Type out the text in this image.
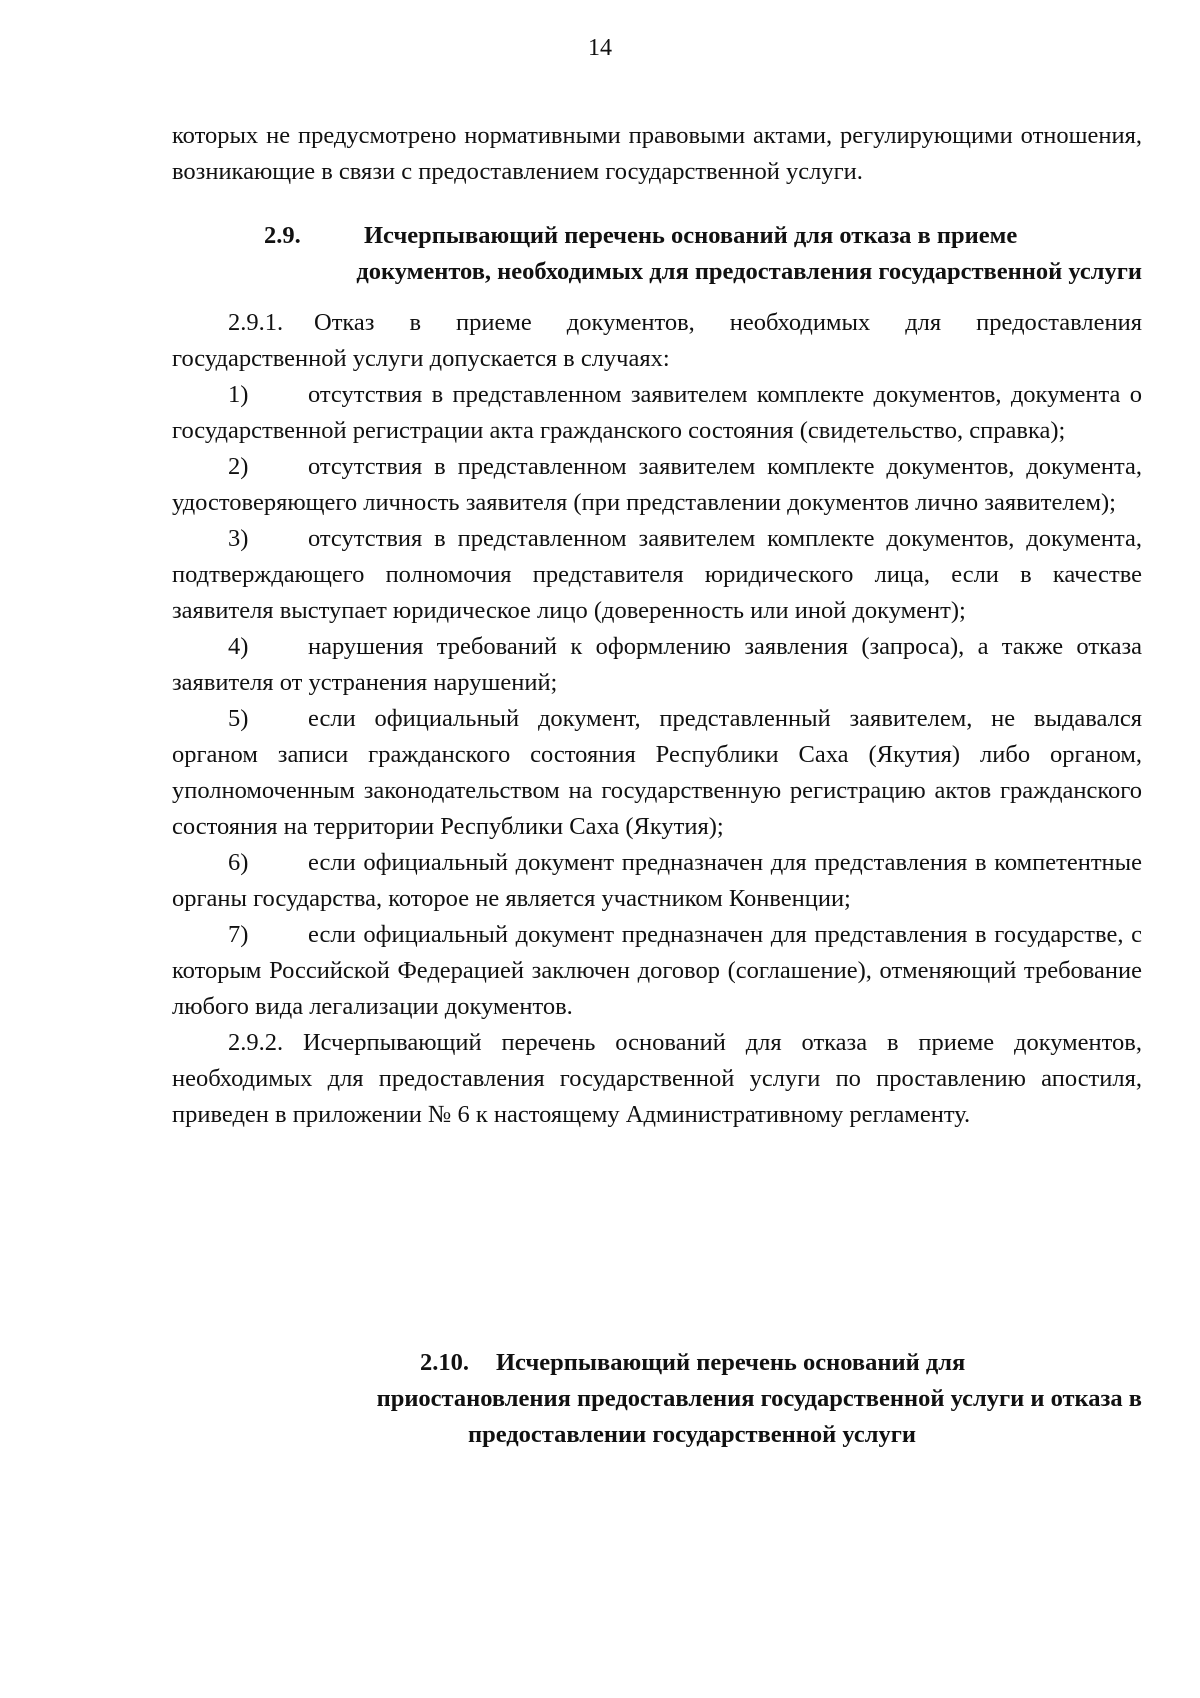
14

которых не предусмотрено нормативными правовыми актами, регулирующими отношения, возникающие в связи с предоставлением государственной услуги.

2.9.	Исчерпывающий перечень оснований для отказа в приеме

документов, необходимых для предоставления государственной услуги

2.9.1. Отказ в приеме документов, необходимых для предоставления государственной услуги допускается в случаях:

1) отсутствия в представленном заявителем комплекте документов, документа о государственной регистрации акта гражданского состояния (свидетельство, справка);

2) отсутствия в представленном заявителем комплекте документов, документа, удостоверяющего личность заявителя (при представлении документов лично заявителем);

3) отсутствия в представленном заявителем комплекте документов, документа, подтверждающего полномочия представителя юридического лица, если в качестве заявителя выступает юридическое лицо (доверенность или иной документ);

4) нарушения требований к оформлению заявления (запроса), а также отказа заявителя от устранения нарушений;

5) если официальный документ, представленный заявителем, не выдавался органом записи гражданского состояния Республики Саха (Якутия) либо органом, уполномоченным законодательством на государственную регистрацию актов гражданского состояния на территории Республики Саха (Якутия);

6) если официальный документ предназначен для представления в компетентные органы государства, которое не является участником Конвенции;

7) если официальный документ предназначен для представления в государстве, с которым Российской Федерацией заключен договор (соглашение), отменяющий требование любого вида легализации документов.

2.9.2. Исчерпывающий перечень оснований для отказа в приеме документов, необходимых для предоставления государственной услуги по проставлению апостиля, приведен в приложении № 6 к настоящему Административному регламенту.

2.10. Исчерпывающий перечень оснований для

приостановления предоставления государственной услуги и отказа в

предоставлении государственной услуги
